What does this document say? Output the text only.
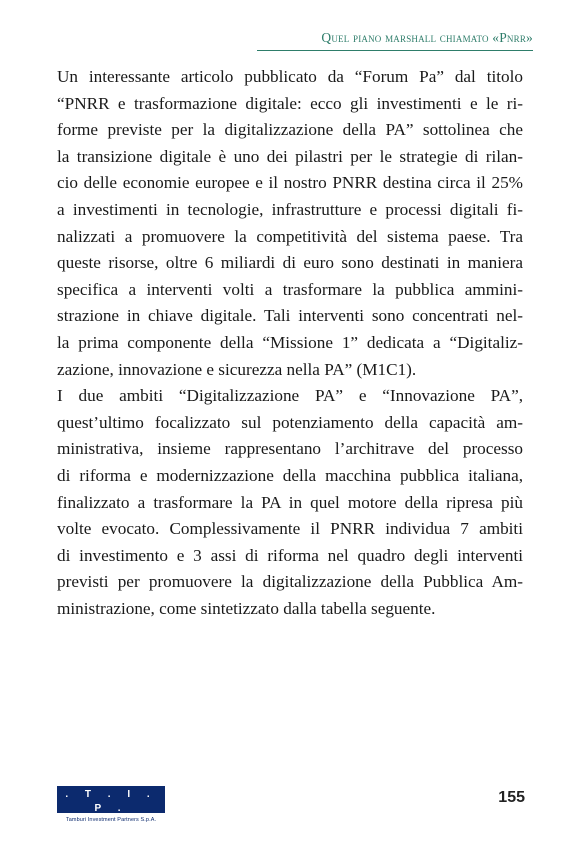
Quel piano marshall chiamato «Pnrr»

Un interessante articolo pubblicato da “Forum Pa” dal titolo
“PNRR e trasformazione digitale: ecco gli investimenti e le ri-
forme previste per la digitalizzazione della PA” sottolinea che
la transizione digitale è uno dei pilastri per le strategie di rilan-
cio delle economie europee e il nostro PNRR destina circa il 25%
a investimenti in tecnologie, infrastrutture e processi digitali fi-
nalizzati a promuovere la competitività del sistema paese. Tra
queste risorse, oltre 6 miliardi di euro sono destinati in maniera
specifica a interventi volti a trasformare la pubblica ammini-
strazione in chiave digitale. Tali interventi sono concentrati nel-
la prima componente della “Missione 1” dedicata a “Digitaliz-
zazione, innovazione e sicurezza nella PA” (M1C1).

I due ambiti “Digitalizzazione PA” e “Innovazione PA”,
quest’ultimo focalizzato sul potenziamento della capacità am-
ministrativa, insieme rappresentano l’architrave del processo
di riforma e modernizzazione della macchina pubblica italiana,
finalizzato a trasformare la PA in quel motore della ripresa più
volte evocato. Complessivamente il PNRR individua 7 ambiti
di investimento e 3 assi di riforma nel quadro degli interventi
previsti per promuovere la digitalizzazione della Pubblica Am-
ministrazione, come sintetizzato dalla tabella seguente.

. T . I . P .
Tamburi Investment Partners S.p.A.
155
